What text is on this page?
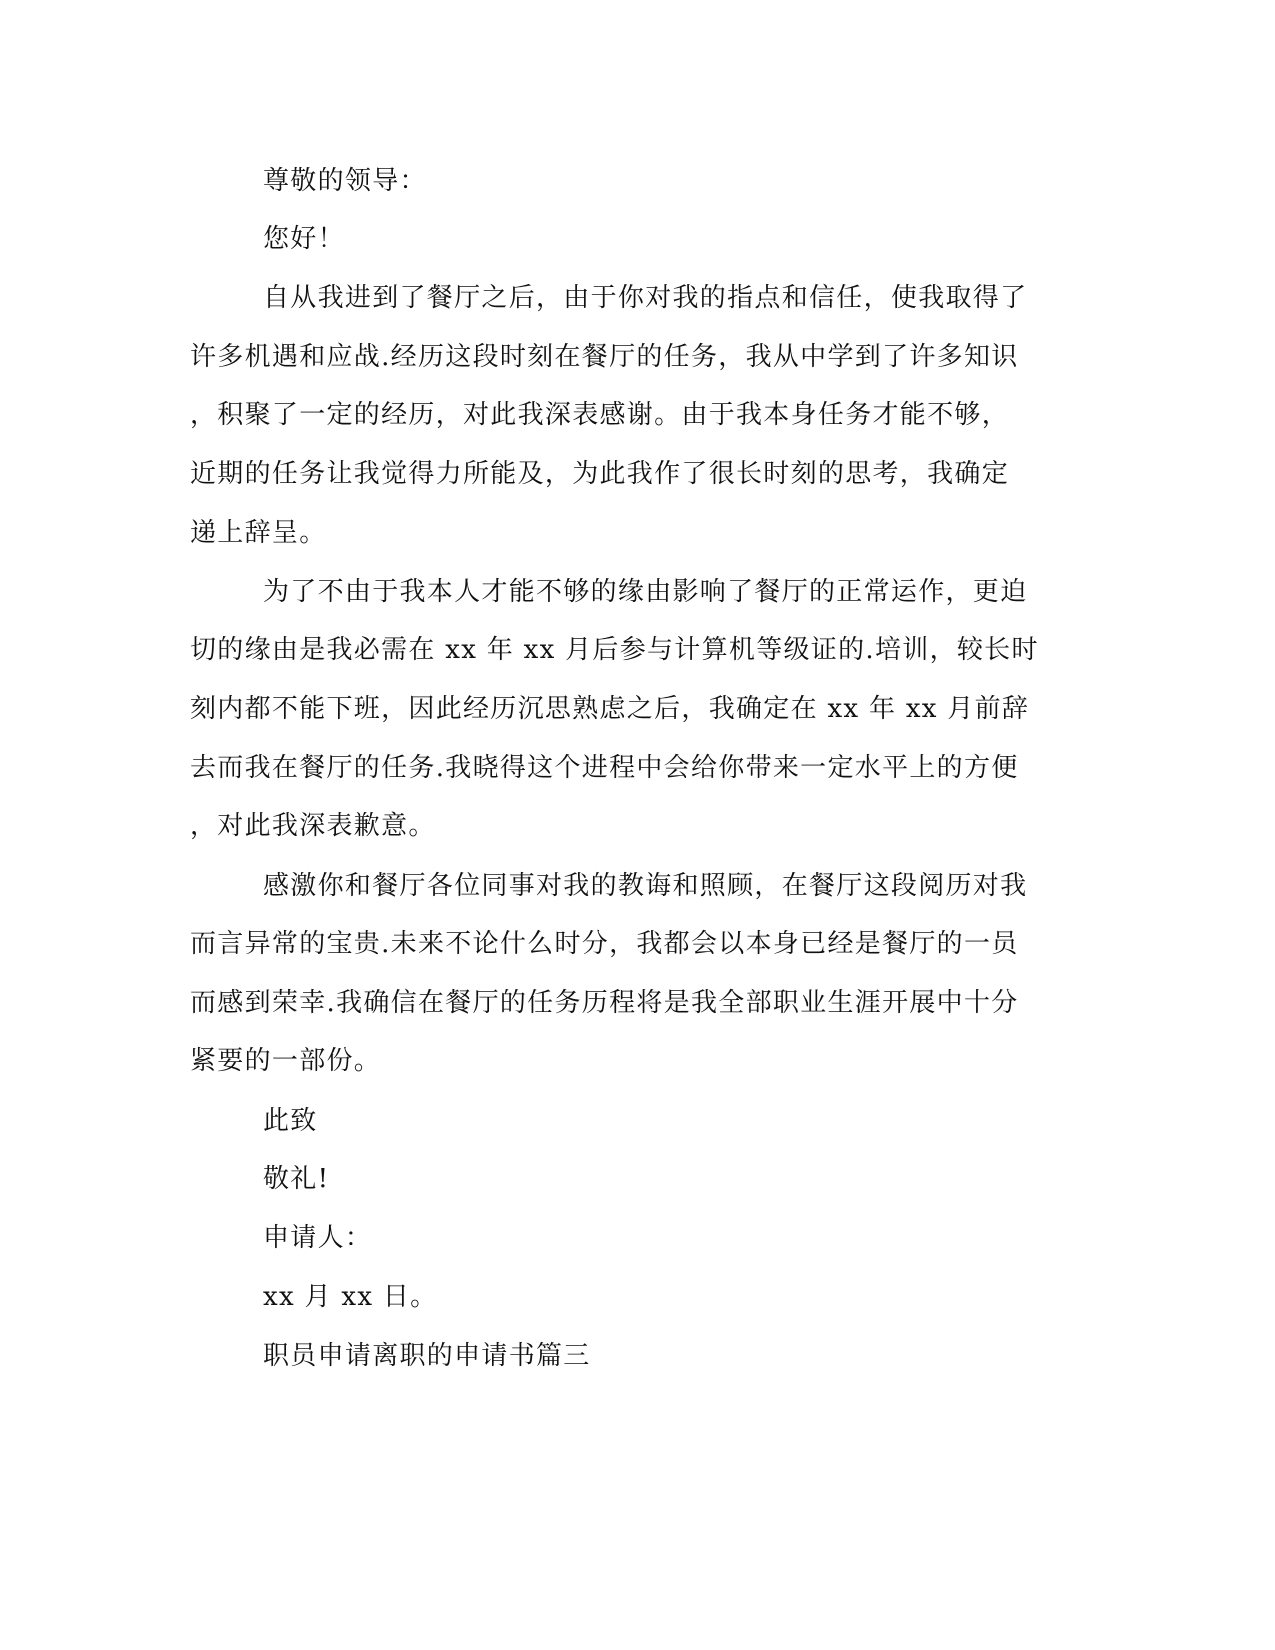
尊敬的领导：
您好！
自从我进到了餐厅之后，由于你对我的指点和信任，使我取得了
许多机遇和应战.经历这段时刻在餐厅的任务，我从中学到了许多知识
，积聚了一定的经历，对此我深表感谢。由于我本身任务才能不够，
近期的任务让我觉得力所能及，为此我作了很长时刻的思考，我确定
递上辞呈。
为了不由于我本人才能不够的缘由影响了餐厅的正常运作，更迫
切的缘由是我必需在 xx 年 xx 月后参与计算机等级证的.培训，较长时
刻内都不能下班，因此经历沉思熟虑之后，我确定在 xx 年 xx 月前辞
去而我在餐厅的任务.我晓得这个进程中会给你带来一定水平上的方便
，对此我深表歉意。
感激你和餐厅各位同事对我的教诲和照顾，在餐厅这段阅历对我
而言异常的宝贵.未来不论什么时分，我都会以本身已经是餐厅的一员
而感到荣幸.我确信在餐厅的任务历程将是我全部职业生涯开展中十分
紧要的一部份。
此致
敬礼!
申请人：
xx 月 xx 日。
职员申请离职的申请书篇三
